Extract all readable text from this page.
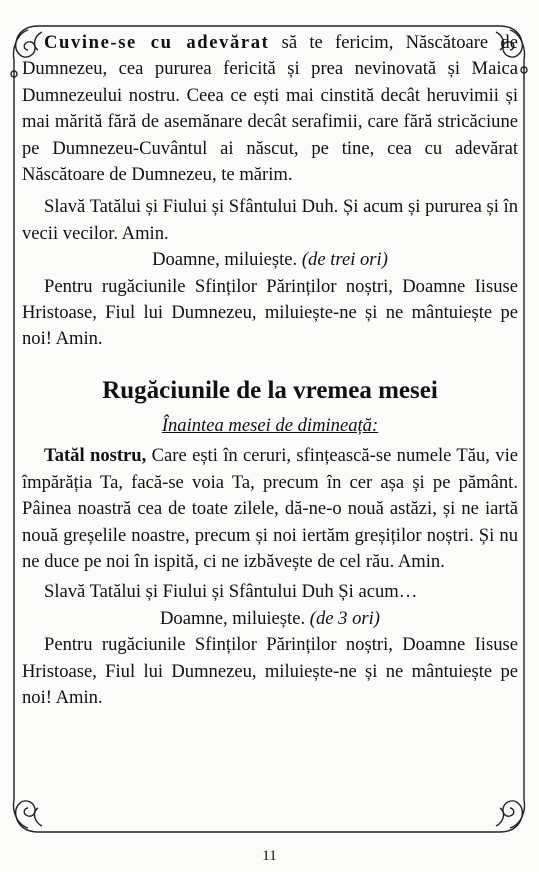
Cuvine-se cu adevărat să te fericim, Născătoare de Dumnezeu, cea pururea fericită și prea nevinovată și Maica Dumnezeului nostru. Ceea ce ești mai cinstită decât heruvimii și mai mărită fără de asemănare decât serafimii, care fără stricăciune pe Dumnezeu-Cuvântul ai născut, pe tine, cea cu adevărat Născătoare de Dumnezeu, te mărim.

Slavă Tatălui și Fiului și Sfântului Duh. Și acum și pururea și în vecii vecilor. Amin.

Doamne, miluiește. (de trei ori)

Pentru rugăciunile Sfinților Părinților noștri, Doamne Iisuse Hristoase, Fiul lui Dumnezeu, miluiește-ne și ne mântuiește pe noi! Amin.

Rugăciunile de la vremea mesei

Înaintea mesei de dimineață:

Tatăl nostru, Care ești în ceruri, sfințească-se numele Tău, vie împărăția Ta, facă-se voia Ta, precum în cer așa și pe pământ. Pâinea noastră cea de toate zilele, dă-ne-o nouă astăzi, și ne iartă nouă greșelile noastre, precum și noi iertăm greșiților noștri. Și nu ne duce pe noi în ispită, ci ne izbăvește de cel rău. Amin.

Slavă Tatălui și Fiului și Sfântului Duh Și acum…

Doamne, miluiește. (de 3 ori)

Pentru rugăciunile Sfinților Părinților noștri, Doamne Iisuse Hristoase, Fiul lui Dumnezeu, miluiește-ne și ne mântuiește pe noi! Amin.

11
